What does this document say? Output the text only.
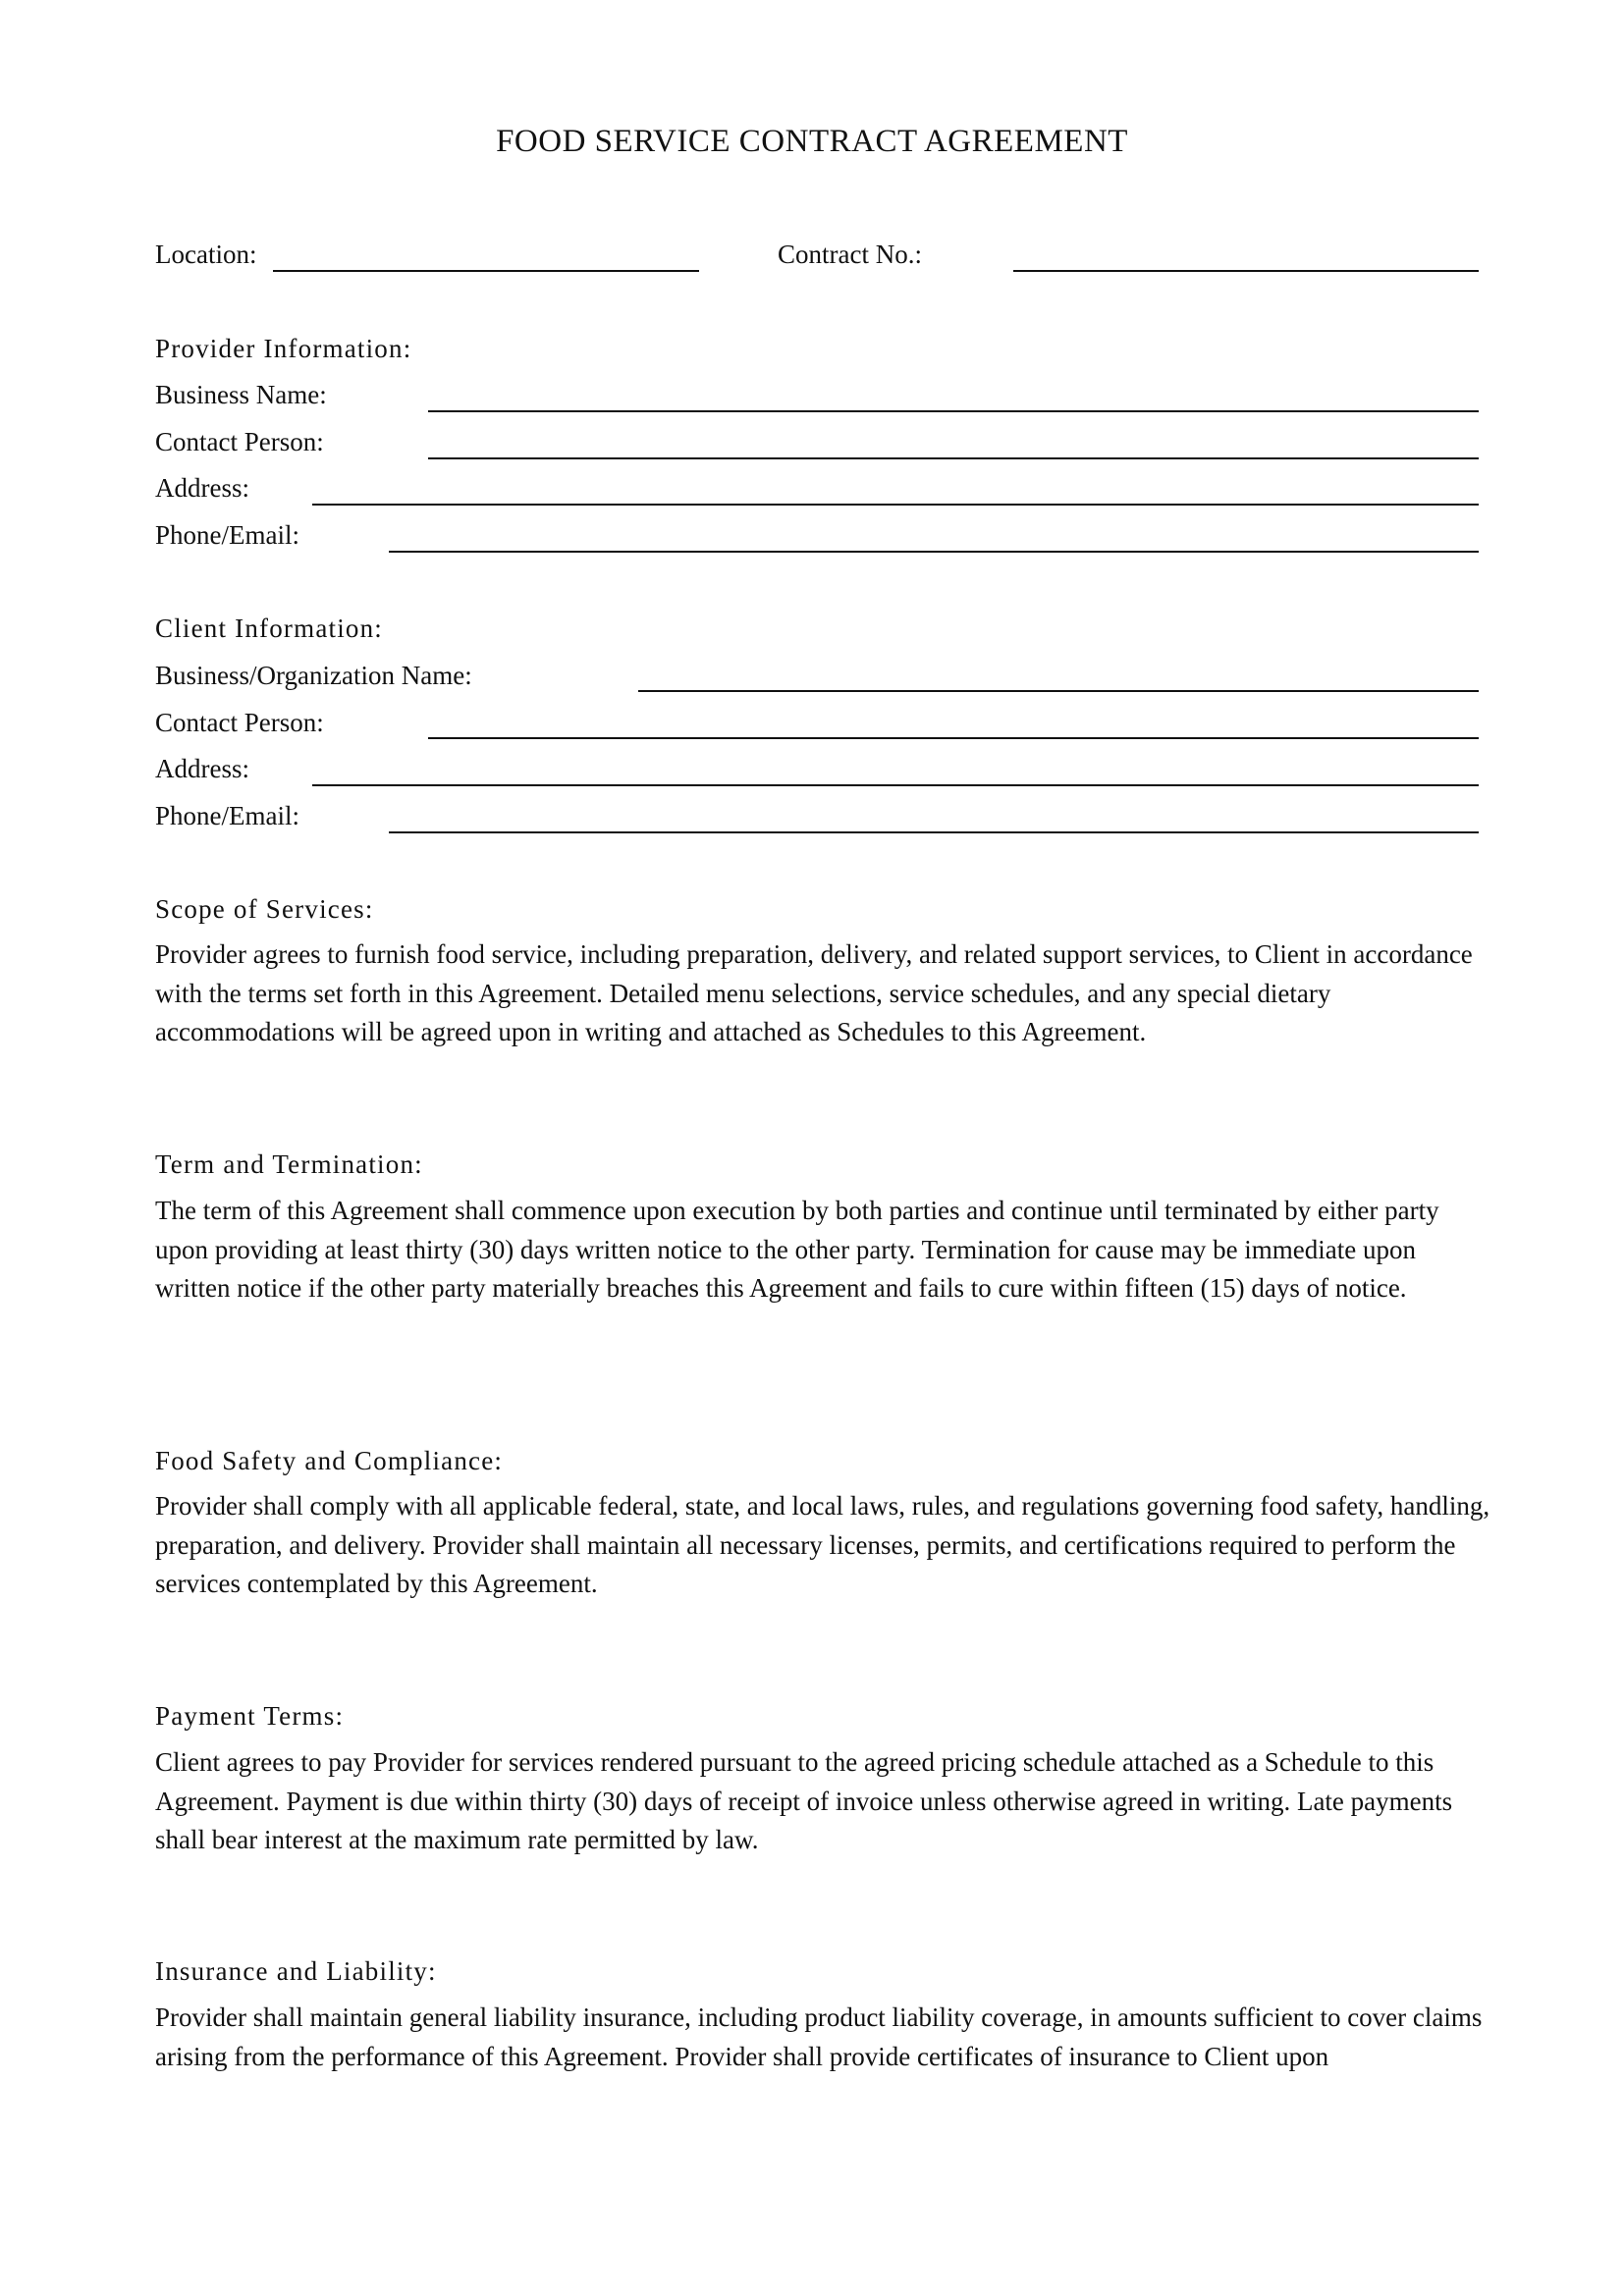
FOOD SERVICE CONTRACT AGREEMENT
Location:	Contract No.:
Provider Information:
Business Name:
Contact Person:
Address:
Phone/Email:
Client Information:
Business/Organization Name:
Contact Person:
Address:
Phone/Email:
Scope of Services:
Provider agrees to furnish food service, including preparation, delivery, and related support services, to Client in accordance with the terms set forth in this Agreement. Detailed menu selections, service schedules, and any special dietary accommodations will be agreed upon in writing and attached as Schedules to this Agreement.
Term and Termination:
The term of this Agreement shall commence upon execution by both parties and continue until terminated by either party upon providing at least thirty (30) days written notice to the other party. Termination for cause may be immediate upon written notice if the other party materially breaches this Agreement and fails to cure within fifteen (15) days of notice.
Food Safety and Compliance:
Provider shall comply with all applicable federal, state, and local laws, rules, and regulations governing food safety, handling, preparation, and delivery. Provider shall maintain all necessary licenses, permits, and certifications required to perform the services contemplated by this Agreement.
Payment Terms:
Client agrees to pay Provider for services rendered pursuant to the agreed pricing schedule attached as a Schedule to this Agreement. Payment is due within thirty (30) days of receipt of invoice unless otherwise agreed in writing. Late payments shall bear interest at the maximum rate permitted by law.
Insurance and Liability:
Provider shall maintain general liability insurance, including product liability coverage, in amounts sufficient to cover claims arising from the performance of this Agreement. Provider shall provide certificates of insurance to Client upon
